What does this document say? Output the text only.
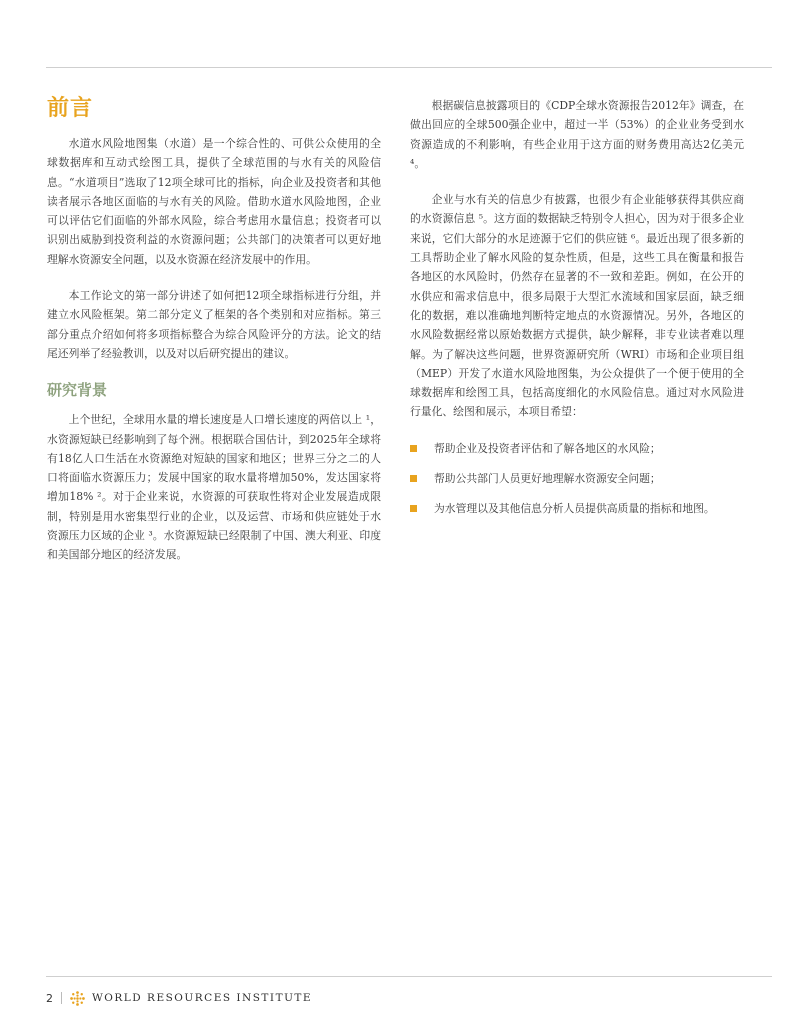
前言

水道水风险地图集（水道）是一个综合性的、可供公众使用的全球数据库和互动式绘图工具，提供了全球范围的与水有关的风险信息。“水道项目”选取了12项全球可比的指标，向企业及投资者和其他读者展示各地区面临的与水有关的风险。借助水道水风险地图，企业可以评估它们面临的外部水风险，综合考虑用水量信息；投资者可以识别出威胁到投资利益的水资源问题；公共部门的决策者可以更好地理解水资源安全问题，以及水资源在经济发展中的作用。

本工作论文的第一部分讲述了如何把12项全球指标进行分组，并建立水风险框架。第二部分定义了框架的各个类别和对应指标。第三部分重点介绍如何将多项指标整合为综合风险评分的方法。论文的结尾还列举了经验教训，以及对以后研究提出的建议。

研究背景

上个世纪，全球用水量的增长速度是人口增长速度的两倍以上 ¹，水资源短缺已经影响到了每个洲。根据联合国估计，到2025年全球将有18亿人口生活在水资源绝对短缺的国家和地区；世界三分之二的人口将面临水资源压力；发展中国家的取水量将增加50%，发达国家将增加18% ²。对于企业来说，水资源的可获取性将对企业发展造成限制，特别是用水密集型行业的企业，以及运营、市场和供应链处于水资源压力区域的企业 ³。水资源短缺已经限制了中国、澳大利亚、印度和美国部分地区的经济发展。

根据碳信息披露项目的《CDP全球水资源报告2012年》调查，在做出回应的全球500强企业中，超过一半（53%）的企业业务受到水资源造成的不利影响，有些企业用于这方面的财务费用高达2亿美元 ⁴。

企业与水有关的信息少有披露，也很少有企业能够获得其供应商的水资源信息 ⁵。这方面的数据缺乏特别令人担心，因为对于很多企业来说，它们大部分的水足迹源于它们的供应链 ⁶。最近出现了很多新的工具帮助企业了解水风险的复杂性质，但是，这些工具在衡量和报告各地区的水风险时，仍然存在显著的不一致和差距。例如，在公开的水供应和需求信息中，很多局限于大型汇水流域和国家层面，缺乏细化的数据，难以准确地判断特定地点的水资源情况。另外，各地区的水风险数据经常以原始数据方式提供，缺少解释，非专业读者难以理解。为了解决这些问题，世界资源研究所（WRI）市场和企业项目组（MEP）开发了水道水风险地图集，为公众提供了一个便于使用的全球数据库和绘图工具，包括高度细化的水风险信息。通过对水风险进行量化、绘图和展示，本项目希望：

帮助企业及投资者评估和了解各地区的水风险；
帮助公共部门人员更好地理解水资源安全问题；
为水管理以及其他信息分析人员提供高质量的指标和地图。
2	WORLD RESOURCES INSTITUTE
